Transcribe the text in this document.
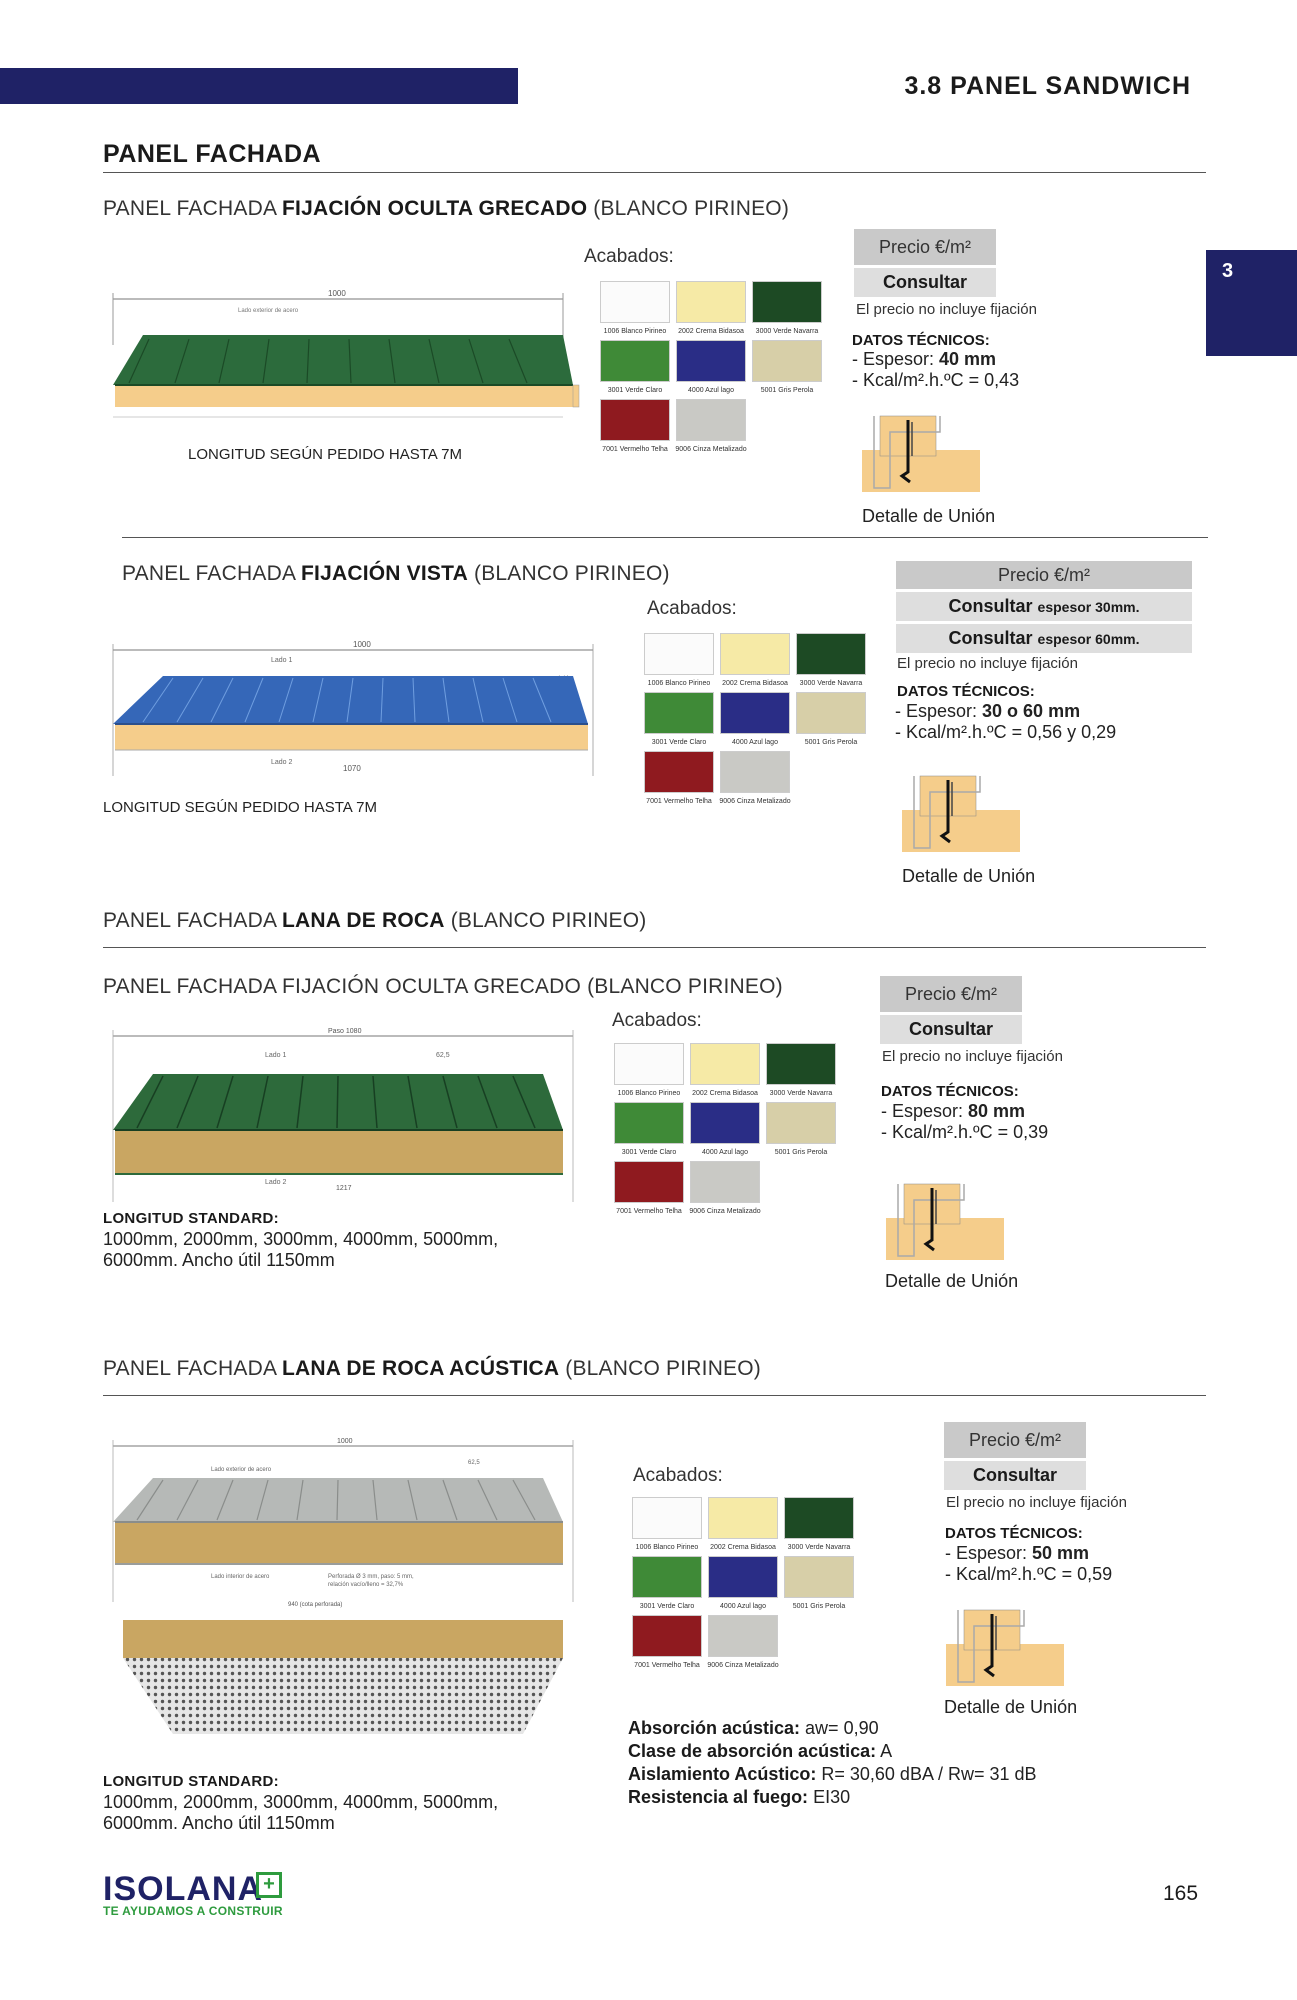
3.8 PANEL SANDWICH
3
PANEL FACHADA
PANEL FACHADA FIJACIÓN OCULTA GRECADO (BLANCO PIRINEO)
1000
Lado exterior de acero
LONGITUD SEGÚN PEDIDO HASTA 7M
Acabados:
1006 Blanco Pirineo 2002 Crema Bidasoa 3000 Verde Navarra
3001 Verde Claro	4000 Azul lago	5001 Gris Perola
7001 Vermelho Telha 9006 Cinza Metalizado
Precio €/m²
Consultar
El precio no incluye fijación
DATOS TÉCNICOS:
- Espesor: 40 mm
- Kcal/m².h.ºC = 0,43
Detalle de Unión
PANEL FACHADA FIJACIÓN VISTA (BLANCO PIRINEO)
1000
Lado 1
Lado 2
1070
LONGITUD SEGÚN PEDIDO HASTA 7M
Acabados:
1006 Blanco Pirineo 2002 Crema Bidasoa 3000 Verde Navarra
3001 Verde Claro	4000 Azul lago	5001 Gris Perola
7001 Vermelho Telha 9006 Cinza Metalizado
Precio €/m²
Consultar espesor 30mm.
Consultar espesor 60mm.
El precio no incluye fijación
DATOS TÉCNICOS:
- Espesor: 30 o 60 mm
- Kcal/m².h.ºC = 0,56 y 0,29
Detalle de Unión
PANEL FACHADA LANA DE ROCA (BLANCO PIRINEO)
PANEL FACHADA FIJACIÓN OCULTA GRECADO (BLANCO PIRINEO)
Paso 1080
Lado 1	62,5
Lado 2
1217
LONGITUD STANDARD:
1000mm, 2000mm, 3000mm, 4000mm, 5000mm, 6000mm. Ancho útil 1150mm
Acabados:
1006 Blanco Pirineo 2002 Crema Bidasoa 3000 Verde Navarra
3001 Verde Claro	4000 Azul lago	5001 Gris Perola
7001 Vermelho Telha 9006 Cinza Metalizado
Precio €/m²
Consultar
El precio no incluye fijación
DATOS TÉCNICOS:
- Espesor: 80 mm
- Kcal/m².h.ºC = 0,39
Detalle de Unión
PANEL FACHADA LANA DE ROCA ACÚSTICA (BLANCO PIRINEO)
1000
Lado exterior de acero
62,5
Lado interior de acero	Perforada Ø 3 mm, paso: 5 mm,
relación vacío/lleno = 32,7%
940 (cota perforada)
LONGITUD STANDARD:
1000mm, 2000mm, 3000mm, 4000mm, 5000mm, 6000mm. Ancho útil 1150mm
Acabados:
1006 Blanco Pirineo 2002 Crema Bidasoa 3000 Verde Navarra
3001 Verde Claro	4000 Azul lago	5001 Gris Perola
7001 Vermelho Telha 9006 Cinza Metalizado
Precio €/m²
Consultar
El precio no incluye fijación
DATOS TÉCNICOS:
- Espesor: 50 mm
- Kcal/m².h.ºC = 0,59
Detalle de Unión
Absorción acústica: aw= 0,90
Clase de absorción acústica: A
Aislamiento Acústico: R= 30,60 dBA / Rw= 31 dB
Resistencia al fuego: EI30
ISOLANA +
TE AYUDAMOS A CONSTRUIR
165
